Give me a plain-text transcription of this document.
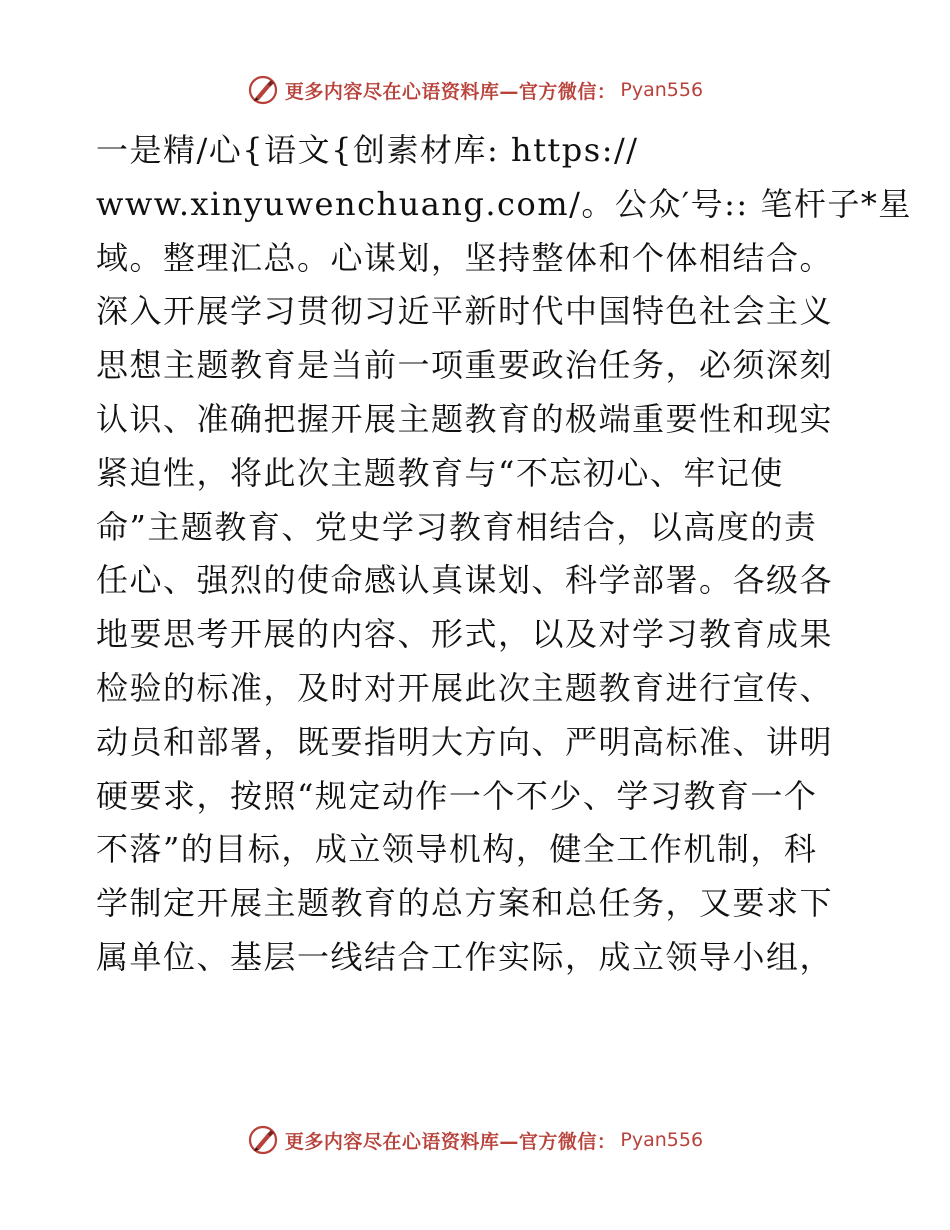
更多内容尽在心语资料库—官方微信： Pyan556
一是精/心{语文{创素材库: https://
www.xinyuwenchuang.com/。公众′号:: 笔杆子*星
域。整理汇总。心谋划，坚持整体和个体相结合。
深入开展学习贯彻习近平新时代中国特色社会主义
思想主题教育是当前一项重要政治任务，必须深刻
认识、准确把握开展主题教育的极端重要性和现实
紧迫性，将此次主题教育与“不忘初心、牢记使
命”主题教育、党史学习教育相结合，以高度的责
任心、强烈的使命感认真谋划、科学部署。各级各
地要思考开展的内容、形式，以及对学习教育成果
检验的标准，及时对开展此次主题教育进行宣传、
动员和部署，既要指明大方向、严明高标准、讲明
硬要求，按照“规定动作一个不少、学习教育一个
不落”的目标，成立领导机构，健全工作机制，科
学制定开展主题教育的总方案和总任务，又要求下
属单位、基层一线结合工作实际，成立领导小组，
更多内容尽在心语资料库—官方微信： Pyan556
